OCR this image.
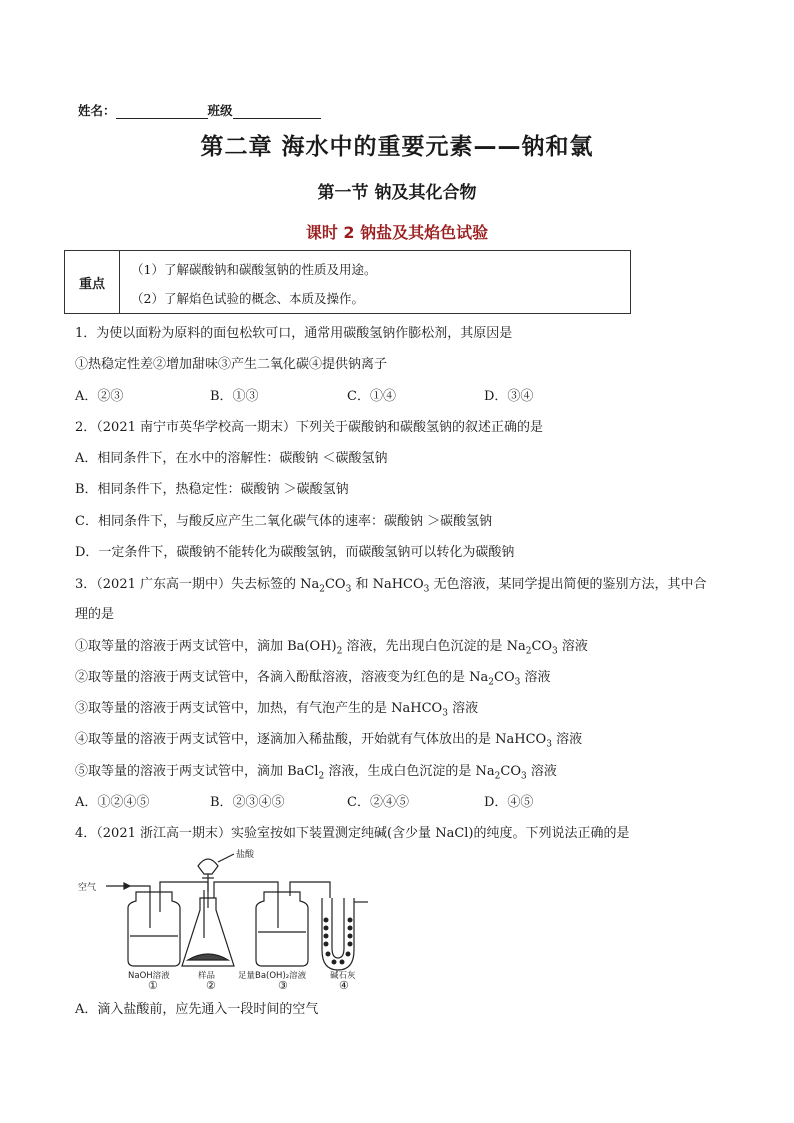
姓名：	班级
第二章 海水中的重要元素——钠和氯
第一节 钠及其化合物
课时 2 钠盐及其焰色试验
重点
（1）了解碳酸钠和碳酸氢钠的性质及用途。
（2）了解焰色试验的概念、本质及操作。
1．为使以面粉为原料的面包松软可口，通常用碳酸氢钠作膨松剂，其原因是
①热稳定性差②增加甜味③产生二氧化碳④提供钠离子
A．②③	B．①③	C．①④	D．③④
2．（2021 南宁市英华学校高一期末）下列关于碳酸钠和碳酸氢钠的叙述正确的是
A．相同条件下，在水中的溶解性：碳酸钠 ＜碳酸氢钠
B．相同条件下，热稳定性：碳酸钠 ＞碳酸氢钠
C．相同条件下，与酸反应产生二氧化碳气体的速率：碳酸钠 ＞碳酸氢钠
D．一定条件下，碳酸钠不能转化为碳酸氢钠，而碳酸氢钠可以转化为碳酸钠
3．（2021 广东高一期中）失去标签的 $Na_2CO_3$ 和 NaHCO$_3$ 无色溶液，某同学提出简便的鉴别方法，其中合
理的是
①取等量的溶液于两支试管中，滴加 $Ba(OH)_2$ 溶液，先出现白色沉淀的是 $Na_2CO_3$ 溶液
②取等量的溶液于两支试管中，各滴入酚酞溶液，溶液变为红色的是 $Na_2CO_3$ 溶液
③取等量的溶液于两支试管中，加热，有气泡产生的是 NaHCO$_3$ 溶液
④取等量的溶液于两支试管中，逐滴加入稀盐酸，开始就有气体放出的是 NaHCO$_3$ 溶液
⑤取等量的溶液于两支试管中，滴加 BaCl$_2$ 溶液，生成白色沉淀的是 $Na_2CO_3$ 溶液
A．①②④⑤	B．②③④⑤	C．②④⑤	D．④⑤
4．（2021 浙江高一期末）实验室按如下装置测定纯碱(含少量 NaCl)的纯度。下列说法正确的是
空气
盐酸
NaOH溶液	样品	足量Ba(OH)₂溶液	碱石灰
①	②	③	④
A．滴入盐酸前，应先通入一段时间的空气
